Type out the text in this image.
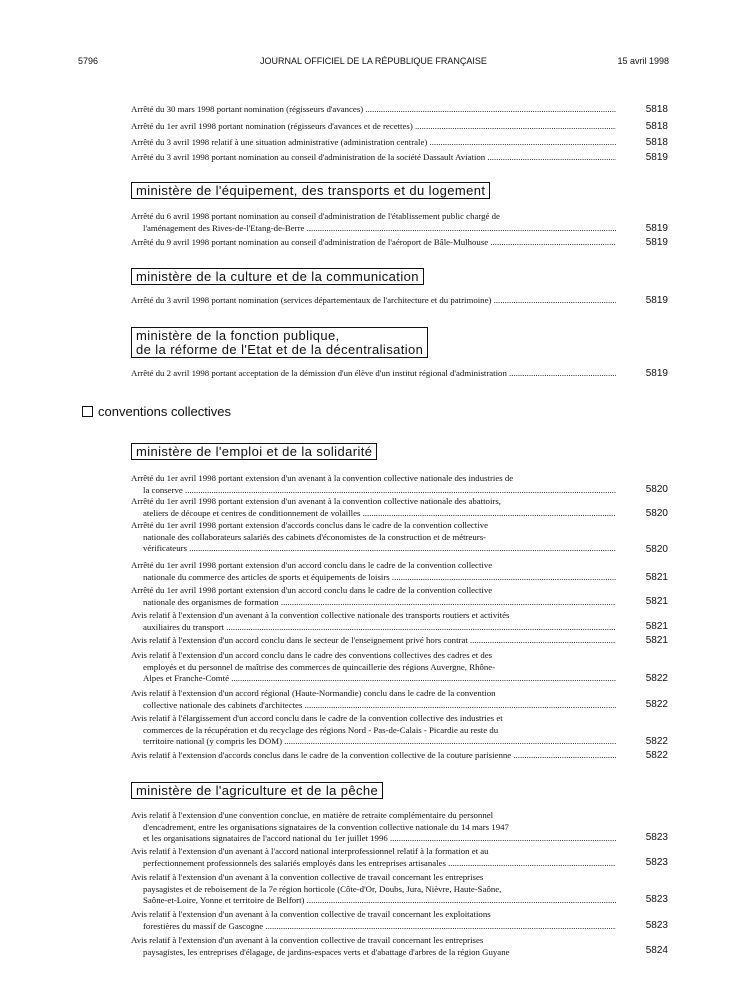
5796	JOURNAL OFFICIEL DE LA RÉPUBLIQUE FRANÇAISE	15 avril 1998
Arrêté du 30 mars 1998 portant nomination (régisseurs d'avances) .....	5818
Arrêté du 1er avril 1998 portant nomination (régisseurs d'avances et de recettes) .....	5818
Arrêté du 3 avril 1998 relatif à une situation administrative (administration centrale) .....	5818
Arrêté du 3 avril 1998 portant nomination au conseil d'administration de la société Dassault Aviation .....	5819
ministère de l'équipement, des transports et du logement
Arrêté du 6 avril 1998 portant nomination au conseil d'administration de l'établissement public chargé de
l'aménagement des Rives-de-l'Etang-de-Berre .....	5819
Arrêté du 9 avril 1998 portant nomination au conseil d'administration de l'aéroport de Bâle-Mulhouse .....	5819
ministère de la culture et de la communication
Arrêté du 3 avril 1998 portant nomination (services départementaux de l'architecture et du patrimoine) .....	5819
ministère de la fonction publique,
de la réforme de l'Etat et de la décentralisation
Arrêté du 2 avril 1998 portant acceptation de la démission d'un élève d'un institut régional d'administration .....	5819
conventions collectives
ministère de l'emploi et de la solidarité
Arrêté du 1er avril 1998 portant extension d'un avenant à la convention collective nationale des industries de
la conserve .....	5820
Arrêté du 1er avril 1998 portant extension d'un avenant à la convention collective nationale des abattoirs,
ateliers de découpe et centres de conditionnement de volailles .....	5820
Arrêté du 1er avril 1998 portant extension d'accords conclus dans le cadre de la convention collective
nationale des collaborateurs salariés des cabinets d'économistes de la construction et de métreurs-
vérificateurs .....	5820
Arrêté du 1er avril 1998 portant extension d'un accord conclu dans le cadre de la convention collective
nationale du commerce des articles de sports et équipements de loisirs .....	5821
Arrêté du 1er avril 1998 portant extension d'un accord conclu dans le cadre de la convention collective
nationale des organismes de formation .....	5821
Avis relatif à l'extension d'un avenant à la convention collective nationale des transports routiers et activités
auxiliaires du transport .....	5821
Avis relatif à l'extension d'un accord conclu dans le secteur de l'enseignement privé hors contrat .....	5821
Avis relatif à l'extension d'un accord conclu dans le cadre des conventions collectives des cadres et des
employés et du personnel de maîtrise des commerces de quincaillerie des régions Auvergne, Rhône-
Alpes et Franche-Comté .....	5822
Avis relatif à l'extension d'un accord régional (Haute-Normandie) conclu dans le cadre de la convention
collective nationale des cabinets d'architectes .....	5822
Avis relatif à l'élargissement d'un accord conclu dans le cadre de la convention collective des industries et
commerces de la récupération et du recyclage des régions Nord - Pas-de-Calais - Picardie au reste du
territoire national (y compris les DOM) .....	5822
Avis relatif à l'extension d'accords conclus dans le cadre de la convention collective de la couture parisienne .....	5822
ministère de l'agriculture et de la pêche
Avis relatif à l'extension d'une convention conclue, en matière de retraite complémentaire du personnel
d'encadrement, entre les organisations signataires de la convention collective nationale du 14 mars 1947
et les organisations signataires de l'accord national du 1er juillet 1996 .....	5823
Avis relatif à l'extension d'un avenant à l'accord national interprofessionnel relatif à la formation et au
perfectionnement professionnels des salariés employés dans les entreprises artisanales .....	5823
Avis relatif à l'extension d'un avenant à la convention collective de travail concernant les entreprises
paysagistes et de reboisement de la 7e région horticole (Côte-d'Or, Doubs, Jura, Nièvre, Haute-Saône,
Saône-et-Loire, Yonne et territoire de Belfort) .....	5823
Avis relatif à l'extension d'un avenant à la convention collective de travail concernant les exploitations
forestières du massif de Gascogne .....	5823
Avis relatif à l'extension d'un avenant à la convention collective de travail concernant les entreprises
paysagistes, les entreprises d'élagage, de jardins-espaces verts et d'abattage d'arbres de la région Guyane	5824
